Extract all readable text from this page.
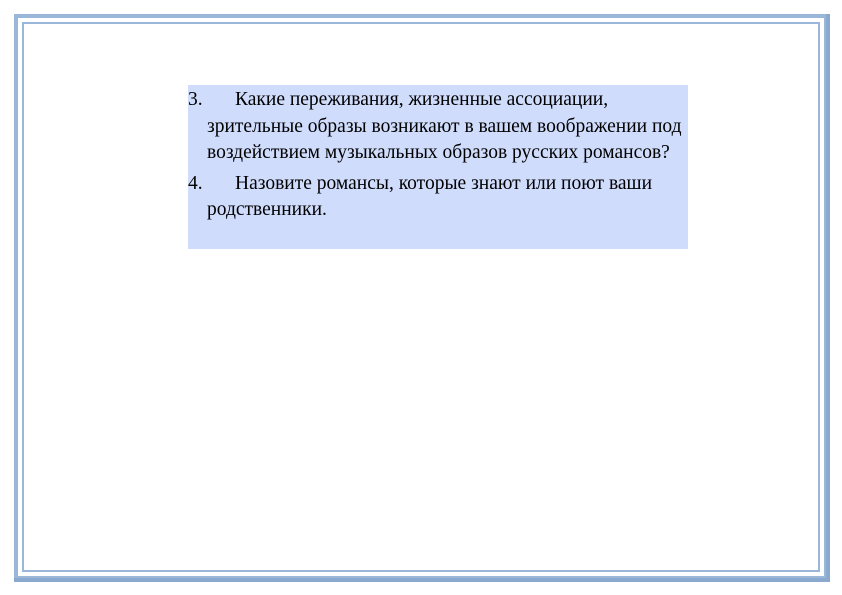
3.	Какие переживания, жизненные ассоциации, зрительные образы возникают в вашем воображении под воздействием музыкальных образов русских романсов?
4.	Назовите романсы, которые знают или поют ваши родственники.
